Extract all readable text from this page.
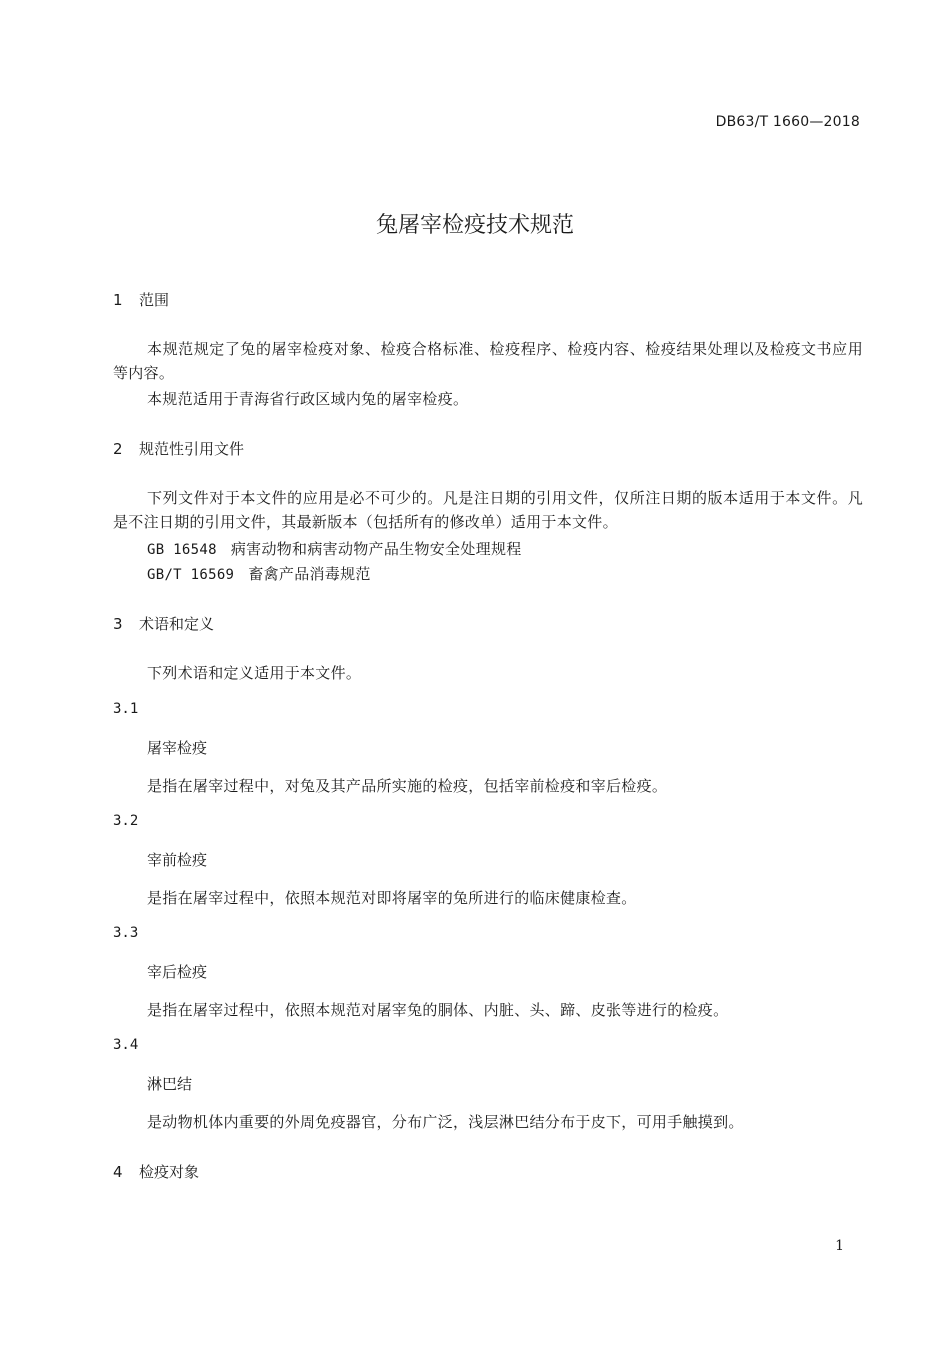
DB63/T 1660—2018
兔屠宰检疫技术规范
1 范围
本规范规定了兔的屠宰检疫对象、检疫合格标准、检疫程序、检疫内容、检疫结果处理以及检疫文书应用等内容。
本规范适用于青海省行政区域内兔的屠宰检疫。
2 规范性引用文件
下列文件对于本文件的应用是必不可少的。凡是注日期的引用文件，仅所注日期的版本适用于本文件。凡是不注日期的引用文件，其最新版本（包括所有的修改单）适用于本文件。
GB 16548 病害动物和病害动物产品生物安全处理规程
GB/T 16569 畜禽产品消毒规范
3 术语和定义
下列术语和定义适用于本文件。
3.1
屠宰检疫
是指在屠宰过程中，对兔及其产品所实施的检疫，包括宰前检疫和宰后检疫。
3.2
宰前检疫
是指在屠宰过程中，依照本规范对即将屠宰的兔所进行的临床健康检查。
3.3
宰后检疫
是指在屠宰过程中，依照本规范对屠宰兔的胴体、内脏、头、蹄、皮张等进行的检疫。
3.4
淋巴结
是动物机体内重要的外周免疫器官，分布广泛，浅层淋巴结分布于皮下，可用手触摸到。
4 检疫对象
1
